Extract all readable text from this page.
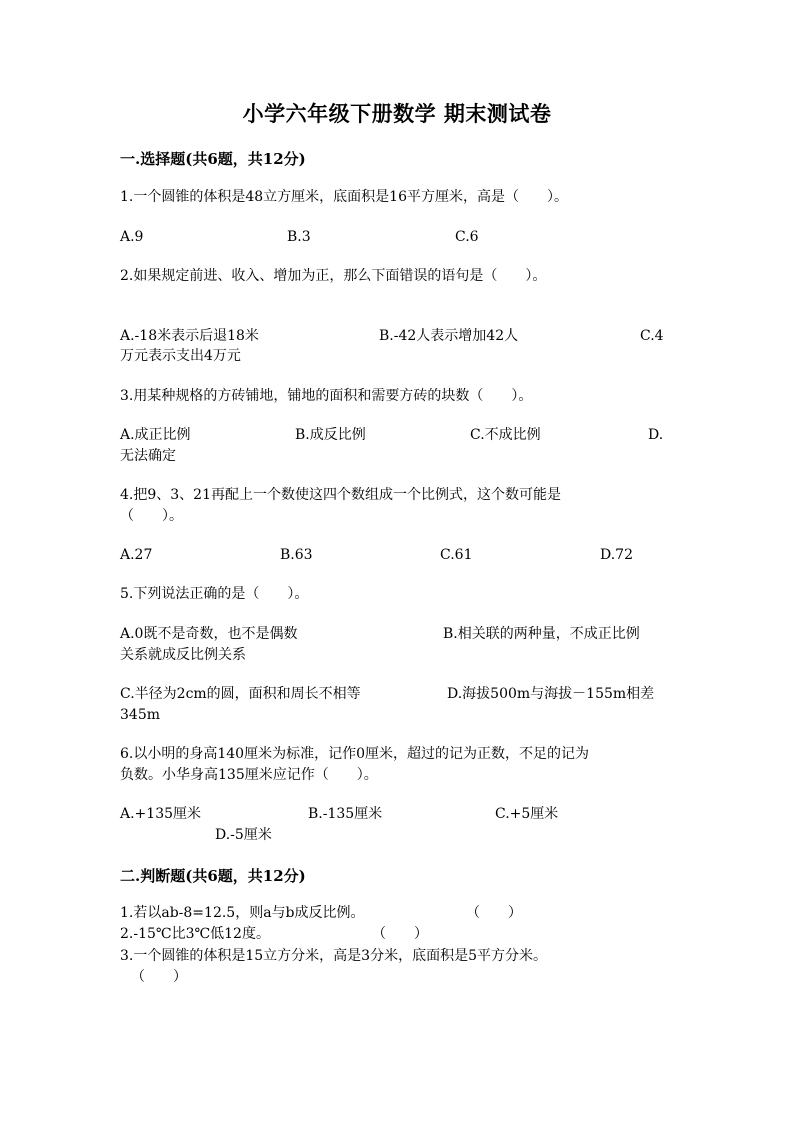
小学六年级下册数学 期末测试卷
一.选择题(共6题，共12分)
1.一个圆锥的体积是48立方厘米，底面积是16平方厘米，高是（　　）。
A.9	B.3	C.6
2.如果规定前进、收入、增加为正，那么下面错误的语句是（　　）。
A.-18米表示后退18米	B.-42人表示增加42人	C.4
万元表示支出4万元
3.用某种规格的方砖铺地，铺地的面积和需要方砖的块数（　　）。
A.成正比例	B.成反比例	C.不成比例	D.
无法确定
4.把9、3、21再配上一个数使这四个数组成一个比例式，这个数可能是
（　　）。
A.27	B.63	C.61	D.72
5.下列说法正确的是（　　）。
A.0既不是奇数，也不是偶数	B.相关联的两种量，不成正比例
关系就成反比例关系
C.半径为2cm的圆，面积和周长不相等	D.海拔500m与海拔－155m相差
345m
6.以小明的身高140厘米为标准，记作0厘米，超过的记为正数，不足的记为
负数。小华身高135厘米应记作（　　）。
A.+135厘米	B.-135厘米	C.+5厘米
D.-5厘米
二.判断题(共6题，共12分)
1.若以ab-8=12.5，则a与b成反比例。	（　　）
2.-15℃比3℃低12度。	（　　）
3.一个圆锥的体积是15立方分米，高是3分米，底面积是5平方分米。
（　　）
